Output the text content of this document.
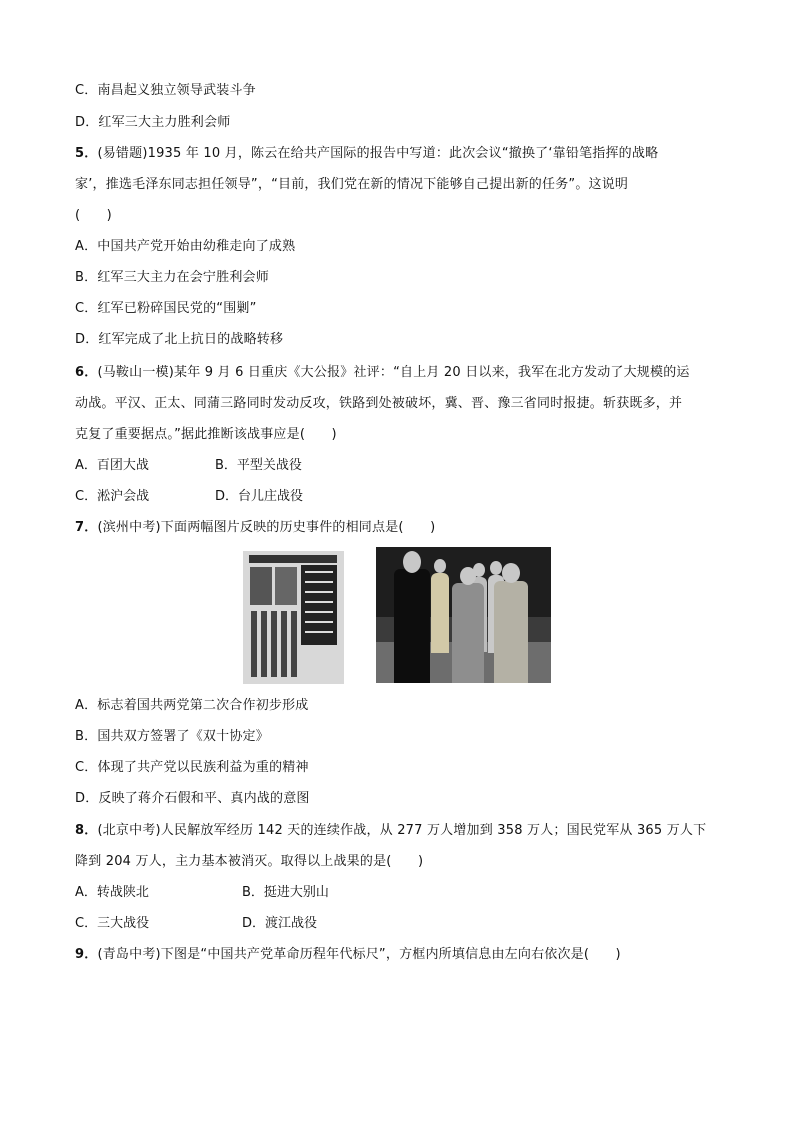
C．南昌起义独立领导武装斗争
D．红军三大主力胜利会师
5．(易错题)1935 年 10 月，陈云在给共产国际的报告中写道：此次会议“撤换了‘靠铅笔指挥的战略
家’，推选毛泽东同志担任领导”，“目前，我们党在新的情况下能够自己提出新的任务”。这说明
(　　)
A．中国共产党开始由幼稚走向了成熟
B．红军三大主力在会宁胜利会师
C．红军已粉碎国民党的“围剿”
D．红军完成了北上抗日的战略转移
6．(马鞍山一模)某年 9 月 6 日重庆《大公报》社评：“自上月 20 日以来，我军在北方发动了大规模的运
动战。平汉、正太、同蒲三路同时发动反攻，铁路到处被破坏，冀、晋、豫三省同时报捷。斩获既多，并
克复了重要据点。”据此推断该战事应是(　　)
A．百团大战	B．平型关战役
C．淞沪会战	D．台儿庄战役
7．(滨州中考)下面两幅图片反映的历史事件的相同点是(　　)
A．标志着国共两党第二次合作初步形成
B．国共双方签署了《双十协定》
C．体现了共产党以民族利益为重的精神
D．反映了蒋介石假和平、真内战的意图
8．(北京中考)人民解放军经历 142 天的连续作战，从 277 万人增加到 358 万人；国民党军从 365 万人下
降到 204 万人，主力基本被消灭。取得以上战果的是(　　)
A．转战陕北	B．挺进大别山
C．三大战役	D．渡江战役
9．(青岛中考)下图是“中国共产党革命历程年代标尺”，方框内所填信息由左向右依次是(　　)
